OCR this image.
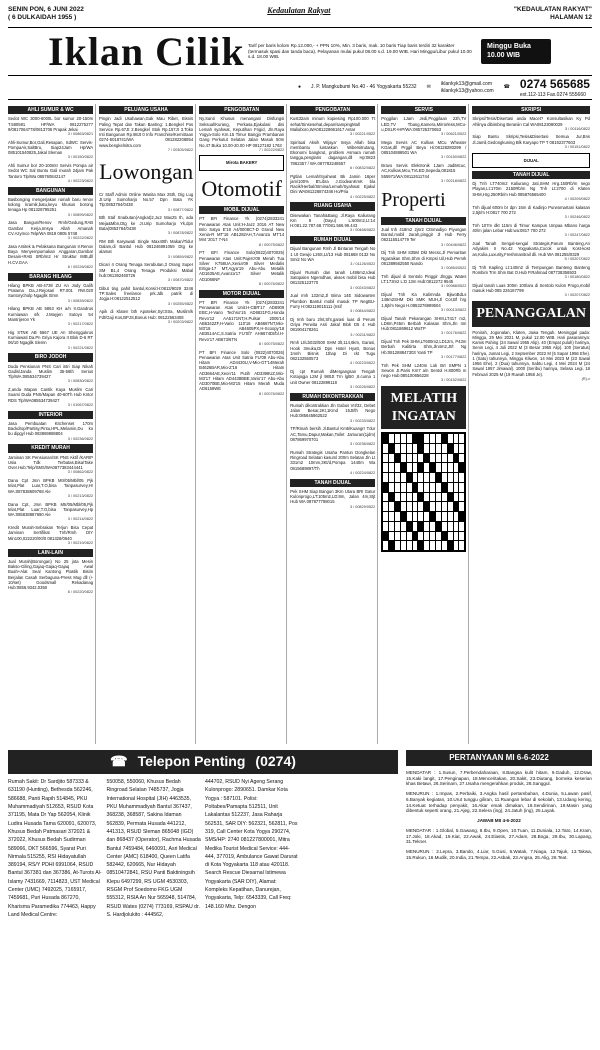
SENIN PON, 6 JUNI 2022
( 6 DULKAIDAH 1955 )
Kedaulatan Rakyat	"KEDAULATAN RAKYAT"
HALAMAN 12
Iklan Cilik Tarif per baris kolom Rp.12.000,- + PPN 10%, Min. 3 baris, mak. 10 baris Tiap baris terdiri 32 karakter (termasuk spasi dan tanda baca). Pelayanan mulai pukul 08.00 s.d. 19.00 WIB. Hari Minggu/Libur pukul 10.00 s.d. 18.00 WIB.
Minggu Buka 10.00 WIB
● J. P. Mangkubumi No.40 - 46 Yogyakarta 55232 ✉
iklankyk13@gmail.com
iklankyk13@yahoo.com
☎ 0274 565685
ext.112-113 Fax.0274 555660
AHLI SUMUR & WC
Sedot WC 3000-6000L bor sumur 20-150m T.580591 HP/WA 0812275277 9/0817064778/0813706 Prapak Jekai
3 / 00863/0821
Ahli-Sumur,Bor,Gali,Resapan, SdWC Servis-PompaAir,SaltBru, Siap24Jam Hp/WA 085101540825,Jakal Sleman
3 / 00150/0822
Ahli Sumur bor 20-100mtr Servis Pompa air Sedot WC Sal Buntu Gali murah 24jam Pak Tantoro Tlp/Wa 085760842147
4 / 00223/0822
BANGUNAN
Basbonging mengerjakan rumah baru renov kolong kramik,batu,keyu khusus borong tenaga Hp 081328795251
3 / 00899/0822
Jasa Bangun/Renov Rmh/Gedung,RAB Gambar Kerja,Imsya Allah Amanah CV.Azymco Telp/WA 0819 0805 5748
3 / 00222/0822
Jasa Arsitek & Pelaksana Bangunan Ir.Renov Baya Menyempurnakan Anggaran,Gambar Desain+RAB SRb/m2 Hr Struktur IMB,dll H.CV.GAA
6 / 00226/0822
BARANG HILANG
Hilang BPKB AB-4739 ZU An Jody Galih Pratama Da,J.Rejosari RT.001 RW.020 Santorycholp Ngaglik Slmn
3 / 00839/0822
Hilang BPKB AB 5863 KH a/n Ir.Gandrus Kurniawan s/k J.Mayjen Sutoyo 54 Mantrijeron Yk
3 / 00217/0822
Hig STNK AB 5667 UE An Shenggukrus Kurniawati Da.Pn Griya Kajora II Blok D-6 RT 06/10 Ngaglik Slemn
3 / 00221/0822
BIRO JODOH
Duda Pensiunan PNS Cari istri Siap Nikah Gadis/Janda Muslim 35-56th Serius Tlp/WA:085534739427
3 / 00830/0822
Z,anda Mapan Cantik Kaya Muslim Cari Suami Duda PNS/Mapan 40-60Th Hub Kntor RDS Tlp/WA085534739427
3 / 01067/0822
INTERIOR
Jasa Pembuatan Kitchenset 170m Backdrop/Partisy,Pintu,HPL,Melamin,Du ko bu dipgyl Hub 083869888804
3 / 00236/0822
KREDIT MURAH
Jaminan SK Pensiunan/SK PNS Aktif /KARIP Usia Tdk Terbatas,Bisa/Take Over.Hub:Telp/SMS/WA0877383444441
3 / 00862/0822
Dana Cpt Jmn BPKB Mtr/05/Mbl/05 Pjk telat,Plat Luar,T.O,bisa Tanpasurvey,Hr WA:087838609768 Ale
3 / 00213/0822
Dana Cpt, Jmn BPKB Mtr/05/Mbl/05,Pjk telat,Plat Luar,T.O,bisa Tanpasurvey,Hp WA:085838887690 Ale
3 / 00214/0822
Kredit Murah-Sebrakan Terjun Bisa Cepat Jaminan Sertifikat Tnh/Rmh DIY Min100,022220/00/0 081328/0640
3 / 00219/0822
LAIN-LAIN
Jual Murah(Borongan) No 25 jota Mesin Bakso-Giling,Gajaq-Gajaq-Gajaq Awal Buah+Alat Seal Kantong Plastik Bisim Berjalan Casah Serbaguna-Press Mug dll (+ 10/set) Goodsmall Rekadanag Hub:0856.9342.0350
6 / 00220/0822
PELUANG USAHA
Pingin Jadi Usahawan,Gak Mau Ribet, Bisnis Paling Tepat dan Takan Banting: 1.Bengkel Pos Service Rp.67Jt 2.Bengkel Stok Rp.157Jt 3.Toko Inti Bangunan Rp.98Jt 0 Info Franchise/Kemitraan 0274-5018741/WA 081282206854 www.bengkelnitra.com
7 / 00305/0822
Lowongan
Cr Staff Admin Online Wanita Max 25th, Dig Lug JI.Urip Sumoharjo No.57 Dpn Bata YK Tlp:0853784/0438
3 / 00877/0822
Bth Staf Snabutan(Angkat)2,Ju2 Max25 th, ada Meja&Mbn,Dtg ke JI.Urip Sumoharjo Yk,dpn Bata(0853784/0438
3 / 00878/0822
RM Bth Karyawati Single Max40th Makan/Tidur Dalam,di Bantul Hub 081246891059 Dtg ke alamat
3 / 00859/0822
Dicari 4 Orang Tenaga Serabutan,3 Orang Super SM B1,4 Orang Tenaga Produksi Mabal hub:081392460726
3 / 00870/0822
Dibut ting pahit bantul,Konsi:H:0813/9029 3246 TP:Sales freelance prk.Jdk patrik di Jogja.H:08122512512
3 / 00255/0822
Apik di Klaten bth Apoteker,Syt:Stra, Muslim/k Fdt/Gaji Kos,BPJS,Bonus Hub: 08122563408
3 / 00203/0822
PENGOBATAN
Ny.Santi Khusus menangani Disfungsi Seksual/Kurang, Perkasa,Ejakulasi dini Lemah syahwat, Keputihan Frigid, Jln.Raya Yogya-Solo Km.15 Timur Bangjo Prambanan Gang Perkutut Selatan Jalan Masuk 50m No.47 Buka 10.00-20.00 HP 08127182 1763
7 / 00222/0822
Mirota BAKERY
Otomotif
MOBIL DIJUAL
PT BFI Finance Yk (0274)2833241 Penawaran Atas Unit:H-Jazz 2016 AT New Brio Satya E'18 A4/0008C7-D Grand New Xenia-R MT'16 AB1282AH,T.Avanza MT'14 Mnt '2017 7-N4
8 / 00075/0822
PT BFI Finance Solo(0822)4070025) Penawaran Atas Unit:Pajero'09 Merah Tua Silver K758UA,Xenia'09 Silver Medalis Ertiga-17 MT,Agya'19 Abu-Abu Metalik AD1635AE,Avanza'17 Silver Metalik AD1066NF
8 / 00076/0822
MOTOR DIJUAL
PT BFI Finance Yk (0274)2833241 Penawaran Atas Unit:H-CBR'17 AD6909 EBC,H-Vario Techno'15 AD6821FG,Honda Revo'12 AA5171NT,H.Pulsar 2005'14 AB6342ZF,H-Vario 110'16 AB6687NT,Mio-M3'18 AB4605PX,H-Scoopy'18 AB3514AC,S.Satria FU'Sf7 AH6674DI/bl.H-Revo'17 AB673/6TN
8 / 00075/0822
PT BFI Finance Solo (0822)4070026) Penawaran Atas Unit Satria FU'09 Abu-Abu Hitam AD4430U,V-Mio-GT'14Merah B4626BAR,Mio-Z'16 Hitam AD3664AE,Xeon'11 Putih AD3398UZ,Mio-M3'17 Hitam AD4438BBE,Vario'17 Abu-Abu AD3070BE,Mio-M3'15 Hitam Merah Muda AD6158WE
8 / 00076/0822
PENGOBATAN
Kust32am minum kopiesing Rp100.000 Tt sehat/Sinsesehat,depan/sampingMall Malioboro,WA081228661617 Antar
3 / 00221/0522
Spiritual Aksih Wijaya' Insya Allah bisa membantu luntaskan Wibersitrutang, Ekonomi bangkrut, problem Asmara rumah tangga,penglaris dagangan,dll Hp:0823 7862357 / WA 087783248557
6 / 00832/0822
Pgtlan Lemah/Syahwat Bk Jamin 16per jam/100% B'Libra J.GodeanKmK bla Racik/Herbal/Stmina/Lemah/Syahwat Ejakul Dini WA081226874346 Ho/Pria
4 / 00225/0822
RUANG USAHA
Disewakan Tanah&Bang Jl.Raya Kaliurang Km 8 (Dayu) L:600m2,Lt:14 H:081.22.787.68.77/081.566.99.443
3 / 00468/0822
RUMAH DIJUAL
Dijual Bangunan Rmh Jl Bintaran Tengah No 1 Ut Gewjo L26S,Lt/13 Hub 081668 0132 No Smi2 No WA
3 / 01126/0522
Dijual Rumah dan tanah L486m2,Ideal Satopalen Ngemdhas, akses mobil bisa Hub 081325123770
3 / 00243/0822
Jual rmh 132m2,Jl Bima 14E Sidowarten Plumbon Bantul mobil masuk TP NegBU-Furry H:082119015111 (Intif
3 / 00844/0822
Dj rmh baru 2lnt,Sht,garasi luas di Perum Griya Perwita Asri Jakal Blok D5 4 Hub 081904178261
3 / 00211/0822
Rmh Lt/Lb032/500 SHM 3lt,114,6km, Garasi, Hook 3muka,Di Dpn Hotel Hyatt, Bonus 1mnh Bisnis 1thap Di ckt Tugu 082132550573
4 / 00223/0622
Dj cpt Rumah diMergangsan Tengah Kotajogja L2M jl 980Jt Trn lgl50 ,8.cuma 1 unit Owner 08122899118
3 / 00226/0822
RUMAH DIKONTRAKKAN
Rumah dikontrakkan Jln Gabus VII/32, Debet Jalan Besar,2Kt,1Kmd 15Jt/th Nego Hub:085645862522
3 / 00233/0822
TP/Rmah bersih Jl.Bantul Km5/Kuangrr Tdur AC,Tamu,Dapur,Makan,Toilet Jamuran(1jdm) 087869970701
3 / 00236/0822
Rumah Strategis Usaha Pantun Dongkelan Ringroad Selatan kasuml 200m Selatan Jln Lt 331m2 10mm,3Kt/d,Pompa 1440m Wa 0815689897/Th
4 / 00224/0822
TANAH DIJUAL
Pek SHM Siap Bangun 3Km Utara BRI Gatur Kulonprogo,LT:105m2,LD:8m, Jalan 4m,Stjt Hub WA 087877798015
3 / 00829/0522
SERVIS
Pnggilan 1Jam Jedi,Pnggilaan 23h,TV LED,TV Tbang,Kamera,Mirrorless,MCu-u,DSLR+HP/WA:085725370653
3 / 00621/0522
Mega Servis AC Kulkas MCu Wheater KGas,dll Prggil Beya Hi:08128280299 / 085104886501 WA
3 / 00150/0822
Bravo Servis Elektronik 1Jam JadiMcuc, AC,Kulkas,Mcu,TVLED,Sepeda,081815 555971/WA:08112611744
3 / 00218/0822
Properti
TANAH DIJUAL
Jual tnh 418m2 2jnr2 CtSmadiyo Piyungan Bantul,mobil 2arah,pinggir Jl Hub Ferry 082115514779 Ter
3 / 00446/0822
Dij Tnh SHM 835M Dkt Mecsc,Jl Pemaritan Ngaraikan Shm,Shm di Kmpsi Uil,Hub Pemrk 081389562550 Nando
3 / 00854/0522
Tnh dijual di Sentolo Pinggir Jlnggu Wates LT:173m2 L:D 13m Hub:0812272 9545
3 / 00988/0522
Dijual Tnh Ka Kalimnda BjiwoBdLs 148m2SHM Dkt SMK MUH,Jl Cor,Bf hrg 1,8jt/m Nego H.0853276989504
3 / 00013/0822
Dijual Tanah Pekarangan SHM,LT417 m2, LD8m,P45m Berbah Kalasan Shm,Jln 4m Hub:0811869612 WaTP
3 / 00176/0822
Dijual Tnh Pek SHM,LT600m2,LD12m, P43m Berbah Kalitirta Shm,Jln4m2,Jt/t Ng Hb:081288847303 Yanti TP
3 / 00177/0822
Tnh Pek SHM L240m Lok Brt SMPN 1 Sewon JI.Paris Km7 a/n Sentol H.800Rb m nego Hub:085100656228
3 / 00152/0822
MELATIH INGATAN
SKRIPSI
Skripsi/Tesis/Disertasi anda Macet? Konsultasikan Ky Pd Ahlinya dibimbing Beraniin Cal WA08123080029
3 / 00116/0822
Siap Bantu Skripsi,Tesis&Disertasi Semua Jur,Bns Jl.Jamil,Gedongkuning Blk Karyapo TP T 08192377603
3 / 00151/0822
DIJUAL
TANAH DIJUAL
Dj Tnh LT740m2 Kaliurang Jati,SHM Hrg.150Rb/m nego Playan,Lt:170m 2150Rb/m Ng Tnh Lt:2700 di Klaten SHM,Hrg.250Rb/m Hub 085876565400
4 / 00209/0822
Tnh dijual 600m br dpn 16m di Kadinjo Purwomartani kalasan 2,5jt/m H:0817 700 272
3 / 00246/0822
Tnh 107m dkt 115m di Timur Kampus Umpaa Mbano harga 40/m jalan Lebar Hub:wa:0817 700 272
3 / 00247/0822
Jual Tanah Sengal-sengal Strategis,Parum Banteng,An Adyakirs II No.42 Yogyakarta,Cocok untuk Kost-kost an,Kulia,Luxurity,Freshmanitrail dli. Hub WA 081255/0329
5 / 00207/0822
Dj Tnh Kapling Lt:140m2 di Tempungan Banteng Banteng Rombim Trm Shm Bat O.Hub P.Rahmad 087738356503
3 / 00180/0822
Dijual tanah Luas 300m 100/ara di Sentolo Kulon Progo,mobil masuk Hub 085 226167799
3 / 00207/0822
PENANGGALAN
Ponirah, Jogonalan, Klaten, Jawa Tengah. Meninggal pada: Minggu, 29 Mei 2021 M, pukul 12.00 WIB. Hari pasarannya: Kamis Pahing (24 Sawal 1955 Alip). 40 (Empat puluh) harinya, Senin Legi, 4 Juli 2022 M (3 Besar 1955 Alip). 100 (Seratus) harinya, Jumat Legi, 2 September 2022 M (5 Sapar 1956 Ehe). 1 (Satu) tahunnya, Minggu Kliwon, 14 Mei 2023 M (23 Sawal 1956 Ehe). 2 (Dua) tahunnya, Sabtu Legi, 4 Mei 2024 M (24 Sawal 1957 Jimawal). 1000 (Seribu) harinya, Selasa Legi, 18 Februari 2025 M (19 Ruwah 1958 Je).
(R)-x
☎ Telepon Penting (0274)
Rumah Sakit: Dr Sardjito 587333 & 631190 (Hunting), Bethesda 562246, 586688, Panti Rapih 514845, PKU Muhammadiyah 512653, RSUD Kota 371195, Mata Dr Yap 562054, Klinik Ludira Husada Tama 620091, 620073, Khusus Bedah Patmasari 372021 & 372022, Khusus Bedah Sudirman 589066, DKT 566596, Syarat Puri Nirmala 515255, RSI Hidayatullah 389194, RS/Y PDHI 6991064, RSUD Bantul 367381 dan 367386, At-Turots Al-Islamy 7431669, 7114823, UST Medical Center (UMC) 7492025, 7165917, 7459681, Puri Husada 867270, Kharisma Paramedika 774463, Happy Land Medical Centre:
550058, 550060, Khusus Bedah Ringroad Selatan 7485737, Jogja International Hospital (JIH) 4463535, PKU Muhammadiyah Bantul 367437, 368238, 368587, Sakina Idaman 562839, Permata Husada 441212, 441313, RSUD Sleman 865048 (IGD) dan 868437 (Operator), Rachma Husada Bantul 7459484, 6460091, Asri Medical Center (AMC) 618400, Queen Latifa 582442, 620665, Nur Hidayah 08510472841, RSU Panti Baktiningsih Klepu 6497299, RS UGM 4530303, RSGM Prof Soedomo FKG UGM 555312, RSIA An Nur 565948, 514784, RSUD Wates (0274) 773169, RSPAU dr. S. Hardjolukito : 444562,
444702, RSUD Nyi Ageng Serang Kulonprogo: 2890651. Damkar Kota Yogya : 587101. Polisi: Poltabes/Pamapta 512511, Unit Lakalantas 512237, Jasa Raharja 562531, SAR DIY: 562321, 562811, Pos 319, Call Center Kota Yogya 290274, SMS/HP: 2740 081227800001, Mitra Medika Tourist Medical Service: 444-444, 377019, Ambulance Gawat Darurat di Kota Yogyakarta 118 atau 420118. Search Rescue Diesarnal Istimewa Yogyakarta (SAR DIY), Alamat: Kompleks Kepatihan, Danurejan, Yogyakarta, Telp: 6543339, Call Freq: 148.160 Mhz. Dengon
PERTANYAAN MI 6-6-2022

MENDATAR : 1.Susun, 7.Perbendaharaan, 8.Bangsa kulit hitam, 9.Gaduh, 12.Draw, 15.Kaki langit, 17.Penginapan, 18.Menceritakan, 20.Sakit, 23.Diutang, borneka keserian khas Betawi, 26.Serinam, 27.Usaha mengerahkan produk, 28.Sanggul.

MENURUN : 1.Impas, 2.Perbaiki, 3.Angka hasil pertambahan, 4.Dunia, 5.Lawan pasif, 6.Banyak kegiatan, 10.Urut tunggu giliran, 11.Ruangan lebar di sekolah, 13.Udang kering, 14.Ketuat terhadap penyakit, 16.Akar emak dimakan, 18.Sendirinan, 19.Masin yang dibentuk seperti orang, 21.Ajeg, 22.Selera (ing), 24.Jatuh (ing), 25.Layak.

JAWAB MII 4-6-2022

MENDATAR : 1.Global, 5.Gawang, 8.Ibu, 9.Open, 10.Tuan, 11.Duniala, 12.Tato, 14.Kram, 17.Joki, 18.Akad, 19.Kiat, 22.Awak, 24.Elastis, 27.Adam, 28.Boga, 29.Ibu, 30.Lapang, 31.Tekner.

MENURUN : 2.Lepra, 3.Bando, 4.Liar, 5.Gusi, 6.Watak, 7.Niaga, 12.Tajuk, 13.Takwa, 15.Rukun, 16.Mudik, 20.India, 21.Tempa, 22.Asbak, 23.Angsa, 25.Alig, 26.Teat.
